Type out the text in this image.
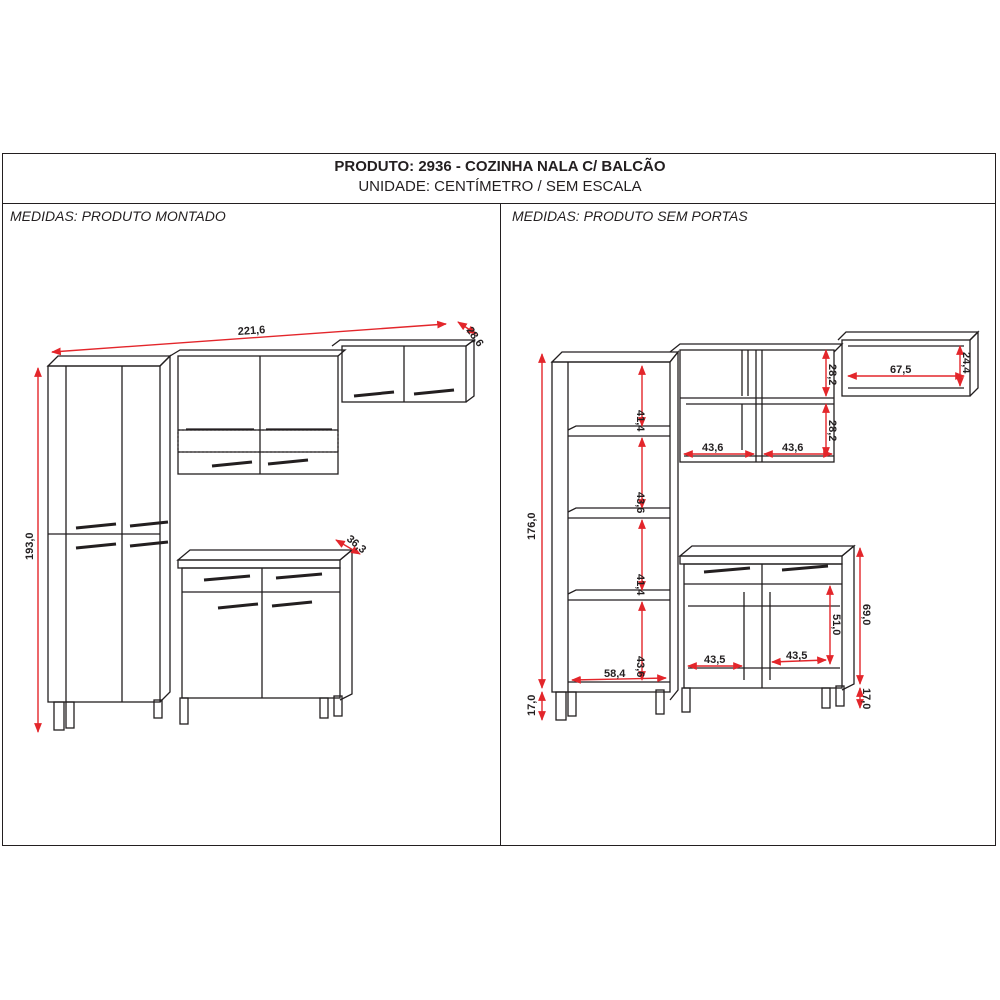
PRODUTO: 2936 - COZINHA NALA C/ BALCÃO
UNIDADE: CENTÍMETRO / SEM ESCALA
MEDIDAS: PRODUTO MONTADO	MEDIDAS: PRODUTO SEM PORTAS
221,6	28,6
193,0	36,3
176,0
17,0
41,4
43,6
41,4
43,6
58,4
43,6	43,6
28,2
28,2
67,5	24,4
43,5	43,5
51,0 69,0
17,0
